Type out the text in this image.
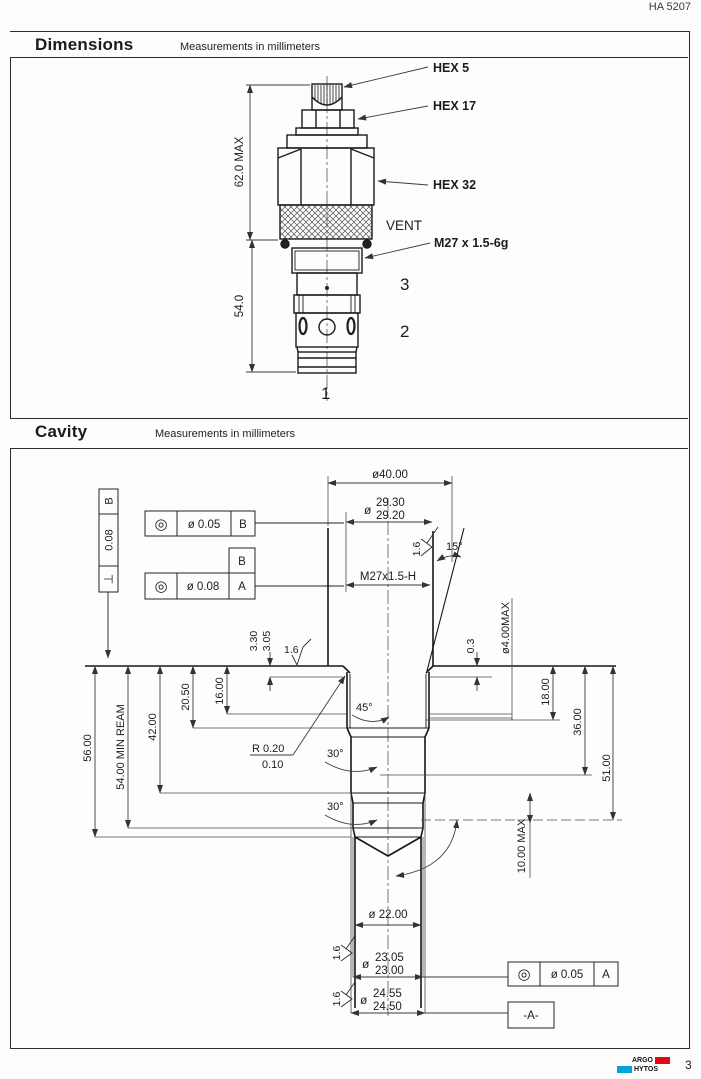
HA 5207
Dimensions	Measurements in millimeters
62.0 MAX
54.0
HEX 5
HEX 17
HEX 32
VENT
M27 x 1.5-6g
3
2
1
Cavity	Measurements in millimeters
ø40.00
ø 29.30
29.20
15°
M27x1.5-H
1.6
1.6
1.6
1.6
B
0.08
⊥
◎ ø 0.05 B
B
◎ ø 0.08 A
3.30 3.05	0.3 ø4.00MAX
16.00
20.50
42.00
54.00 MIN REAM
56.00
18.00
36.00
51.00
10.00 MAX
45°
R 0.20
0.10
30°
30°
ø 22.00
ø 23.05
23.00
ø 24.55
24.50
◎ ø 0.05 A
-A-
ARGO
HYTOS 3
